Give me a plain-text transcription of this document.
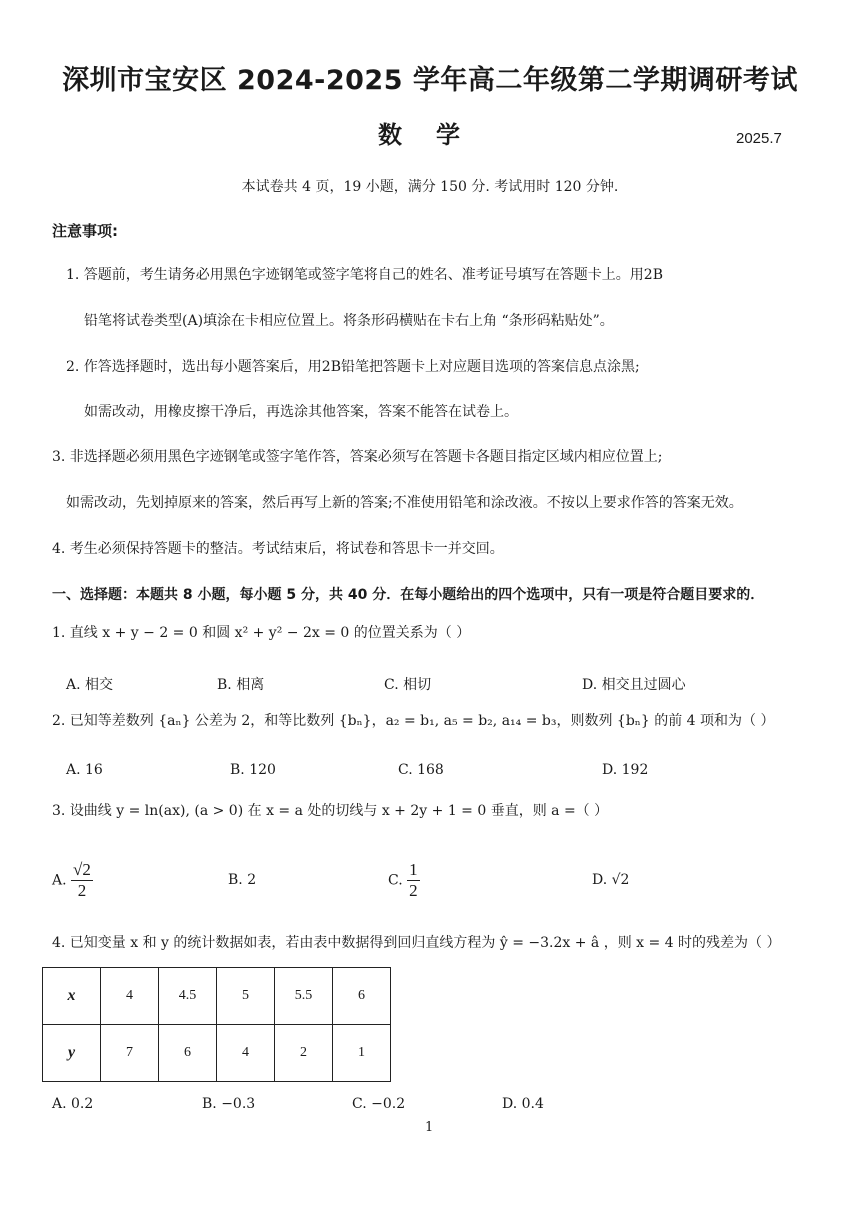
深圳市宝安区 2024-2025 学年高二年级第二学期调研考试
数学	2025.7
本试卷共 4 页，19 小题，满分 150 分. 考试用时 120 分钟.
注意事项:
1. 答题前，考生请务必用黑色字迹钢笔或签字笔将自己的姓名、准考证号填写在答题卡上。用2B
铅笔将试卷类型(A)填涂在卡相应位置上。将条形码横贴在卡右上角 “条形码粘贴处”。
2. 作答选择题时，选出每小题答案后，用2B铅笔把答题卡上对应题目选项的答案信息点涂黑;
如需改动，用橡皮擦干净后，再选涂其他答案，答案不能答在试卷上。
3. 非选择题必须用黑色字迹钢笔或签字笔作答，答案必须写在答题卡各题目指定区域内相应位置上;
如需改动，先划掉原来的答案，然后再写上新的答案;不准使用铅笔和涂改液。不按以上要求作答的答案无效。
4. 考生必须保持答题卡的整洁。考试结束后，将试卷和答思卡一并交回。
一、选择题：本题共 8 小题，每小题 5 分，共 40 分．在每小题给出的四个选项中，只有一项是符合题目要求的．
1. 直线 x + y − 2 = 0 和圆 x² + y² − 2x = 0 的位置关系为（ ）
A. 相交	B. 相离	C. 相切	D. 相交且过圆心
2. 已知等差数列 {aₙ} 公差为 2，和等比数列 {bₙ}，a₂ = b₁, a₅ = b₂, a₁₄ = b₃，则数列 {bₙ} 的前 4 项和为（ ）
A. 16	B. 120	C. 168	D. 192
3. 设曲线 y = ln(ax), (a > 0) 在 x = a 处的切线与 x + 2y + 1 = 0 垂直，则 a =（ ）
A. $\frac{√2}{2}$	B. 2	C. $\frac{1}{2}$	D. √2
4. 已知变量 x 和 y 的统计数据如表，若由表中数据得到回归直线方程为 ŷ = −3.2x + â ，则 x = 4 时的残差为（ ）
x	4	4.5	5	5.5	6
y	7	6	4	2	1
A. 0.2	B. −0.3	C. −0.2	D. 0.4
1
